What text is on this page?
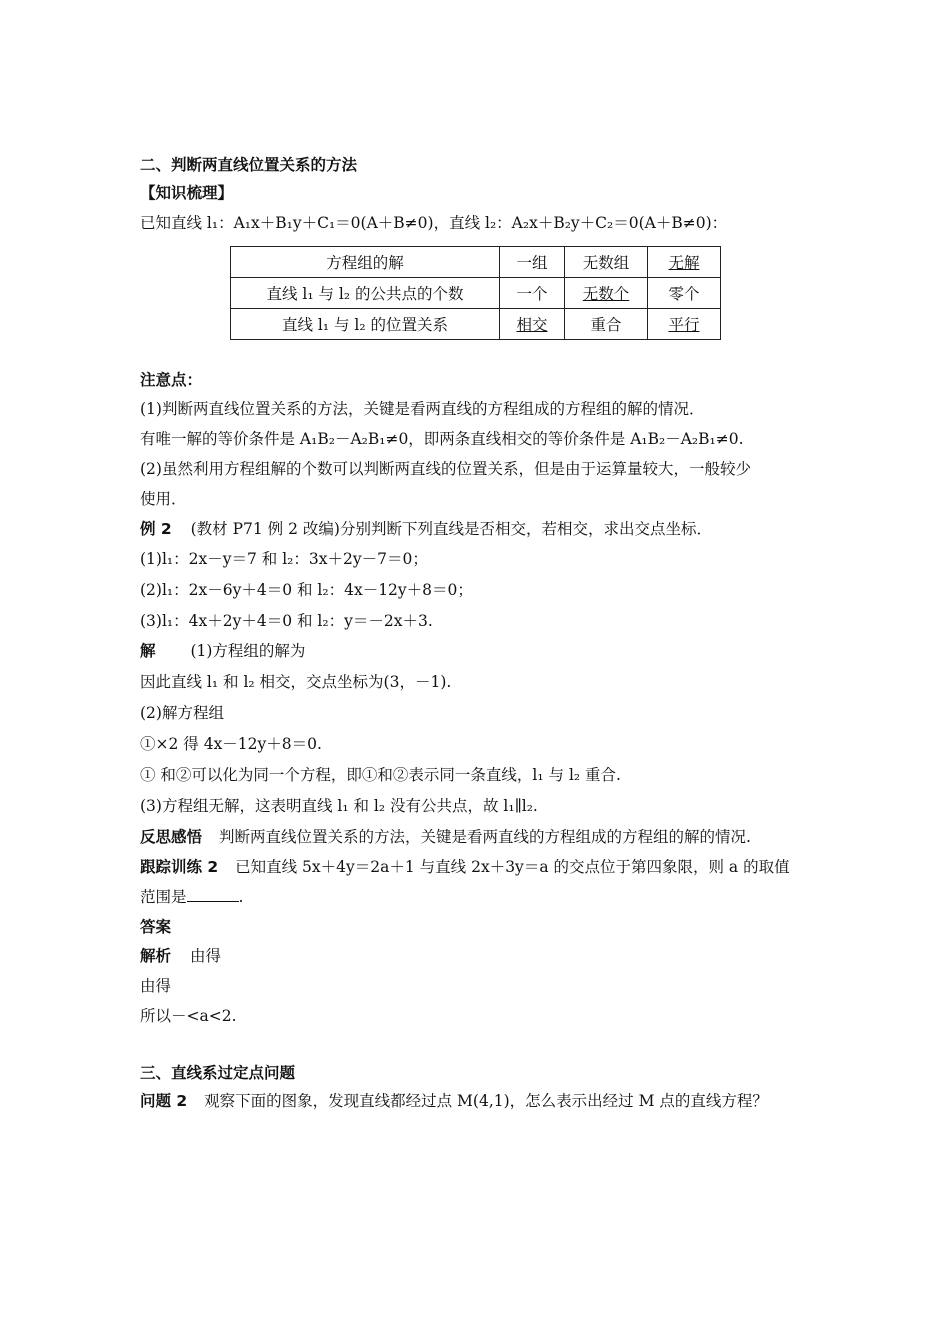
二、判断两直线位置关系的方法
【知识梳理】
已知直线 l₁：A₁x＋B₁y＋C₁＝0(A＋B≠0)，直线 l₂：A₂x＋B₂y＋C₂＝0(A＋B≠0)：
方程组的解	一组	无数组	无解
直线 l₁ 与 l₂ 的公共点的个数	一个	无数个	零个
直线 l₁ 与 l₂ 的位置关系	相交	重合	平行
注意点：
(1)判断两直线位置关系的方法，关键是看两直线的方程组成的方程组的解的情况．
有唯一解的等价条件是 A₁B₂－A₂B₁≠0，即两条直线相交的等价条件是 A₁B₂－A₂B₁≠0.
(2)虽然利用方程组解的个数可以判断两直线的位置关系，但是由于运算量较大，一般较少
使用．
例 2 (教材 P71 例 2 改编)分别判断下列直线是否相交，若相交，求出交点坐标．
(1)l₁：2x－y＝7 和 l₂：3x＋2y－7＝0；
(2)l₁：2x－6y＋4＝0 和 l₂：4x－12y＋8＝0；
(3)l₁：4x＋2y＋4＝0 和 l₂：y＝－2x＋3.
解 (1)方程组的解为
因此直线 l₁ 和 l₂ 相交，交点坐标为(3，－1).
(2)解方程组
①×2 得 4x－12y＋8＝0.
① 和②可以化为同一个方程，即①和②表示同一条直线，l₁ 与 l₂ 重合.
(3)方程组无解，这表明直线 l₁ 和 l₂ 没有公共点，故 l₁∥l₂.
反思感悟 判断两直线位置关系的方法，关键是看两直线的方程组成的方程组的解的情况.
跟踪训练 2 已知直线 5x＋4y＝2a＋1 与直线 2x＋3y＝a 的交点位于第四象限，则 a 的取值
范围是	.
答案
解析 由得
由得
所以－<a<2.
三、直线系过定点问题
问题 2 观察下面的图象，发现直线都经过点 M(4,1)，怎么表示出经过 M 点的直线方程？
